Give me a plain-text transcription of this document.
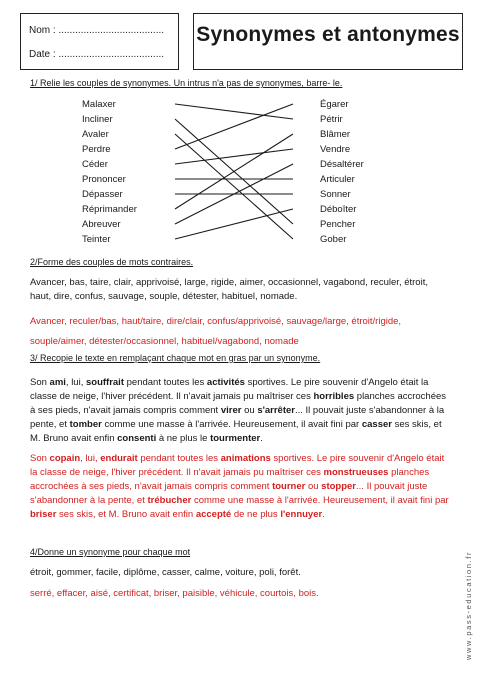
Nom : ......................................
Date : ......................................
Synonymes et antonymes
1/ Relie les couples de synonymes. Un intrus n'a pas de synonymes, barre- le.
Malaxer
Incliner
Avaler
Perdre
Céder
Prononcer
Dépasser
Réprimander
Abreuver
Teinter
Égarer
Pétrir
Blâmer
Vendre
Désaltérer
Articuler
Sonner
Déboîter
Pencher
Gober
2/Forme des couples de mots contraires.
Avancer, bas, taire, clair, apprivoisé, large, rigide, aimer, occasionnel, vagabond, reculer, étroit, haut, dire, confus, sauvage, souple, détester, habituel, nomade.
Avancer, reculer/bas, haut/taire, dire/clair, confus/apprivoisé, sauvage/large, étroit/rigide, souple/aimer, détester/occasionnel, habituel/vagabond, nomade
3/ Recopie le texte en remplaçant chaque mot en gras par un synonyme.
Son ami, lui, souffrait pendant toutes les activités sportives. Le pire souvenir d'Angelo était la classe de neige, l'hiver précédent. Il n'avait jamais pu maîtriser ces horribles planches accrochées à ses pieds, n'avait jamais compris comment virer ou s'arrêter... Il pouvait juste s'abandonner à la pente, et tomber comme une masse à l'arrivée. Heureusement, il avait fini par casser ses skis, et M. Bruno avait enfin consenti à ne plus le tourmenter.
Son copain, lui, endurait pendant toutes les animations sportives. Le pire souvenir d'Angelo était la classe de neige, l'hiver précédent. Il n'avait jamais pu maîtriser ces monstrueuses planches accrochées à ses pieds, n'avait jamais compris comment tourner ou stopper... Il pouvait juste s'abandonner à la pente, et trébucher comme une masse à l'arrivée. Heureusement, il avait fini par briser ses skis, et M. Bruno avait enfin accepté de ne plus l'ennuyer.
4/Donne un synonyme pour chaque mot
étroit, gommer, facile, diplôme, casser, calme, voiture, poli, forêt.
serré, effacer, aisé, certificat, briser, paisible, véhicule, courtois, bois.	www.pass-education.fr
